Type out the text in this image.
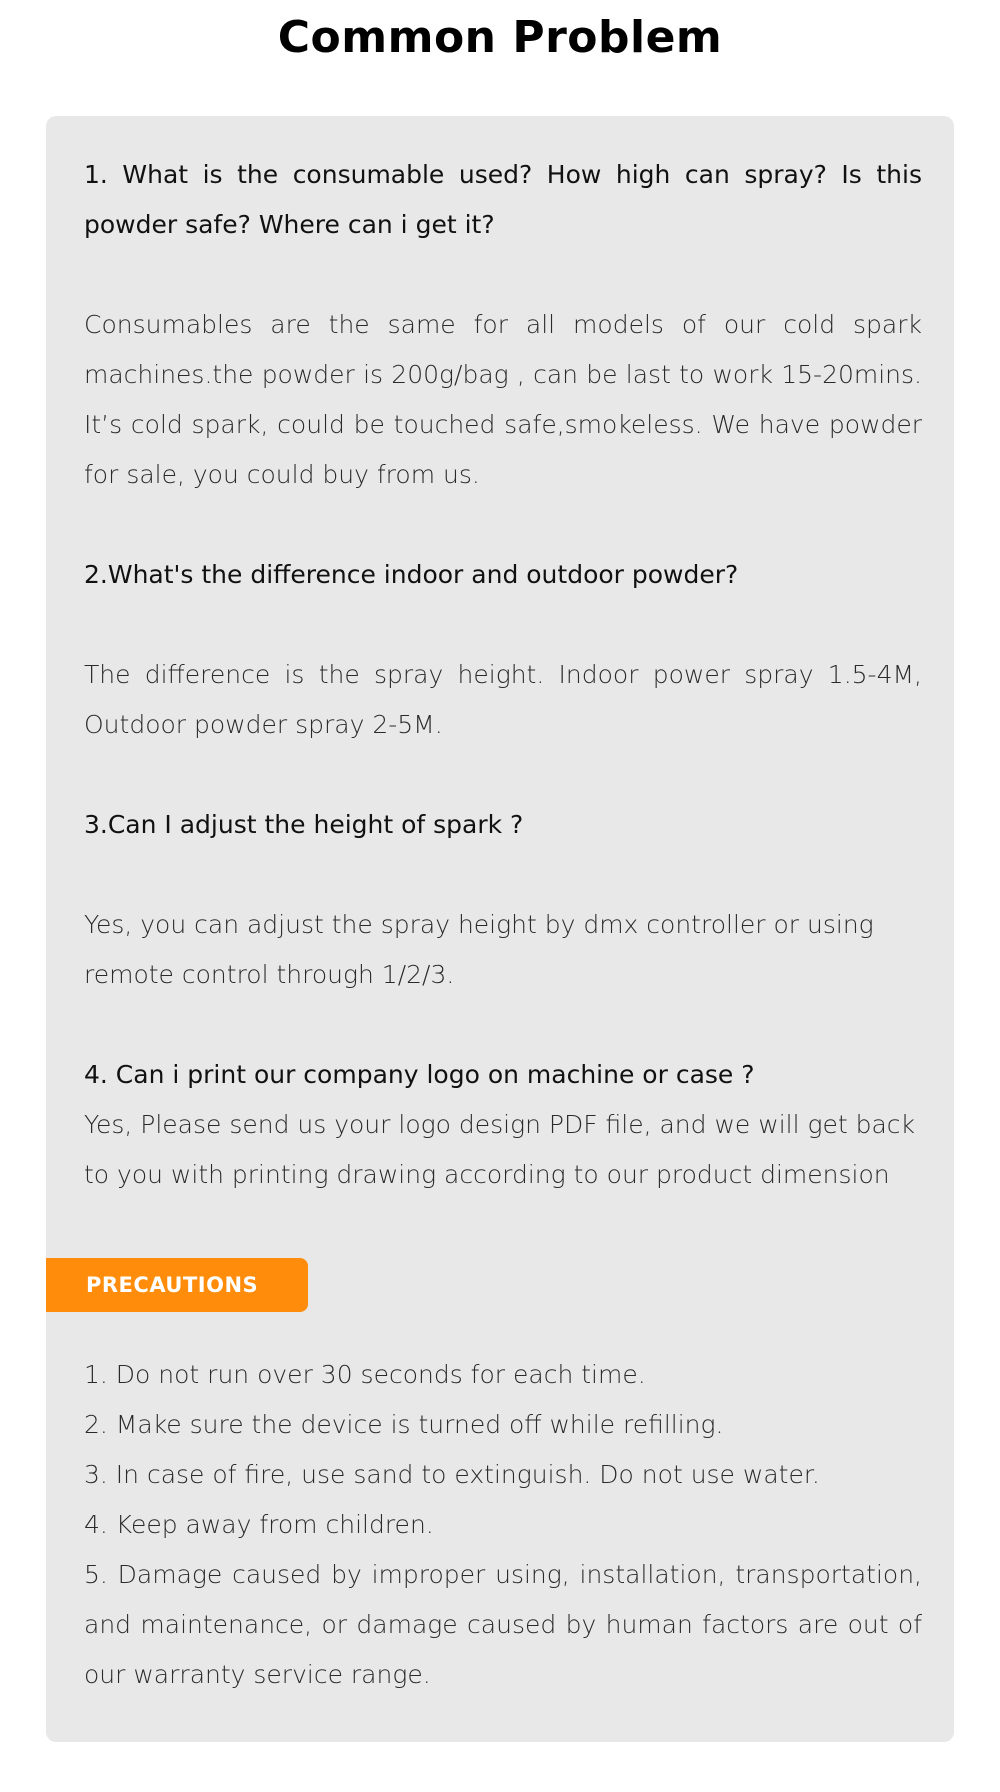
Common Problem
1. What is the consumable used? How high can spray? Is this powder safe? Where can i get it?
Consumables are the same for all models of our cold spark machines.the powder is 200g/bag , can be last to work 15-20mins. It’s cold spark, could be touched safe,smokeless. We have powder for sale, you could buy from us.
2.What's the difference indoor and outdoor powder?
The difference is the spray height. Indoor power spray 1.5-4M, Outdoor powder spray 2-5M.
3.Can I adjust the height of spark ?
Yes, you can adjust the spray height by dmx controller or using remote control through 1/2/3.
4. Can i print our company logo on machine or case ?
Yes, Please send us your logo design PDF file, and we will get back to you with printing drawing according to our product dimension
PRECAUTIONS
1. Do not run over 30 seconds for each time.
2. Make sure the device is turned off while refilling.
3. In case of fire, use sand to extinguish. Do not use water.
4. Keep away from children.
5. Damage caused by improper using, installation, transportation, and maintenance, or damage caused by human factors are out of our warranty service range.
